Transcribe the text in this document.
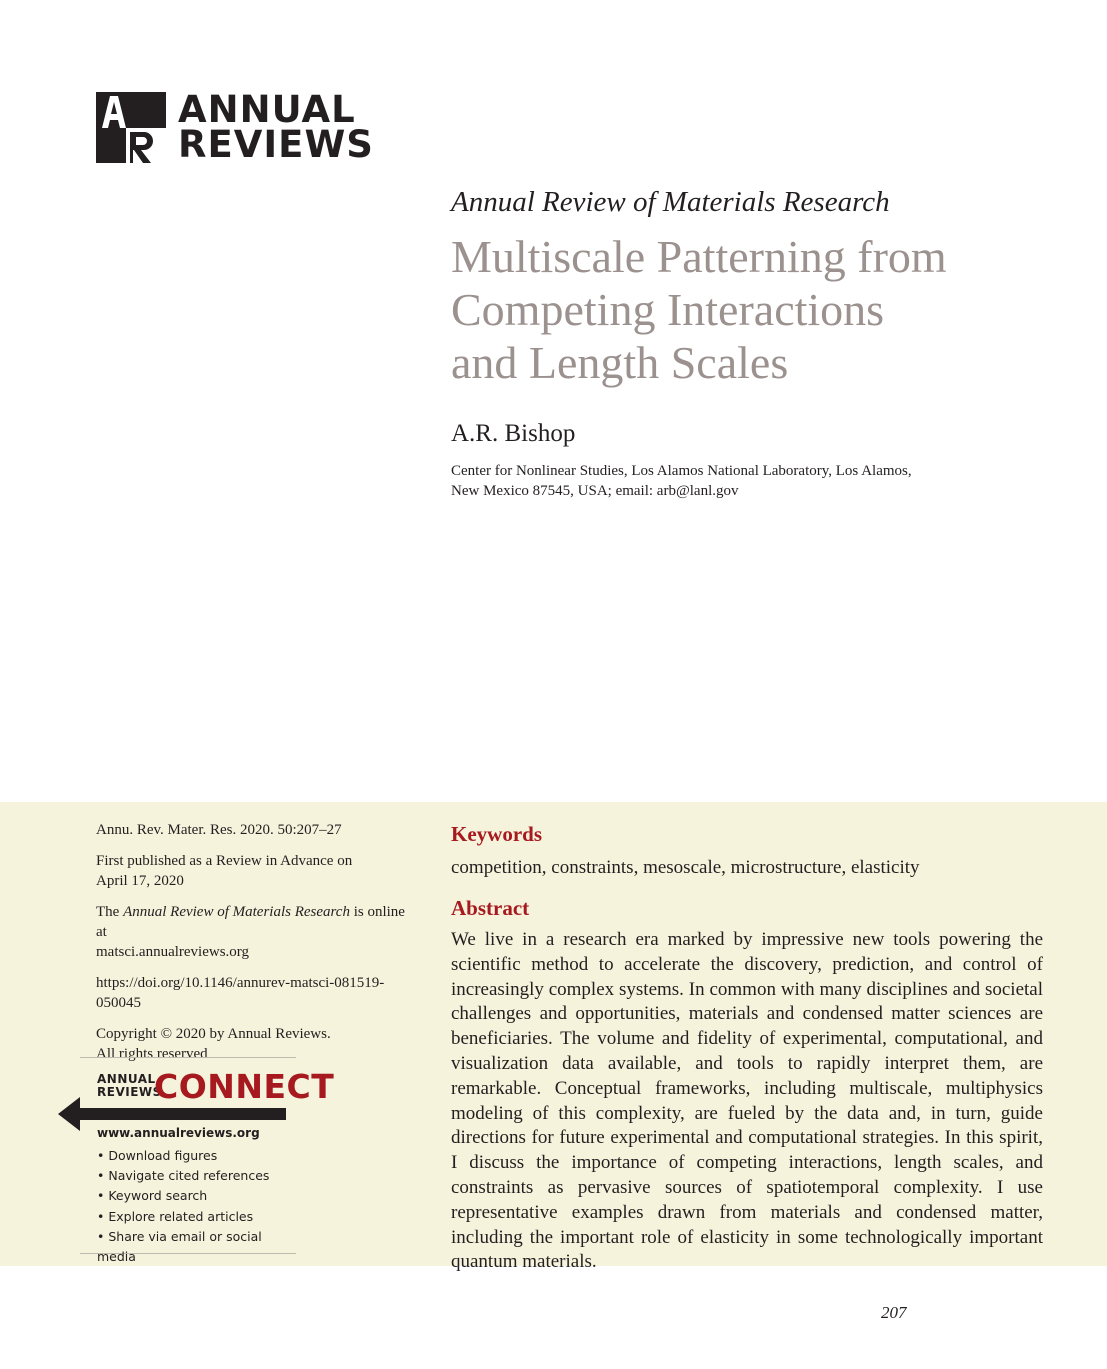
ANNUAL
REVIEWS
Annual Review of Materials Research
Multiscale Patterning from
Competing Interactions
and Length Scales
A.R. Bishop
Center for Nonlinear Studies, Los Alamos National Laboratory, Los Alamos,
New Mexico 87545, USA; email: arb@lanl.gov

Annu. Rev. Mater. Res. 2020. 50:207–27

First published as a Review in Advance on
April 17, 2020

The Annual Review of Materials Research is online at
matsci.annualreviews.org

https://doi.org/10.1146/annurev-matsci-081519-
050045

Copyright © 2020 by Annual Reviews.
All rights reserved

ANNUAL
REVIEWS
CONNECT
www.annualreviews.org
• Download figures
• Navigate cited references
• Keyword search
• Explore related articles
• Share via email or social media
Keywords
competition, constraints, mesoscale, microstructure, elasticity
Abstract

We live in a research era marked by impressive new tools powering the scientific method to accelerate the discovery, prediction, and control of increasingly complex systems. In common with many disciplines and societal challenges and opportunities, materials and condensed matter sciences are beneficiaries. The volume and fidelity of experimental, computational, and visualization data available, and tools to rapidly interpret them, are remarkable. Conceptual frameworks, including multiscale, multiphysics modeling of this complexity, are fueled by the data and, in turn, guide directions for future experimental and computational strategies. In this spirit, I discuss the importance of competing interactions, length scales, and constraints as pervasive sources of spatiotemporal complexity. I use representative examples drawn from materials and condensed matter, including the important role of elasticity in some technologically important quantum materials.

207
